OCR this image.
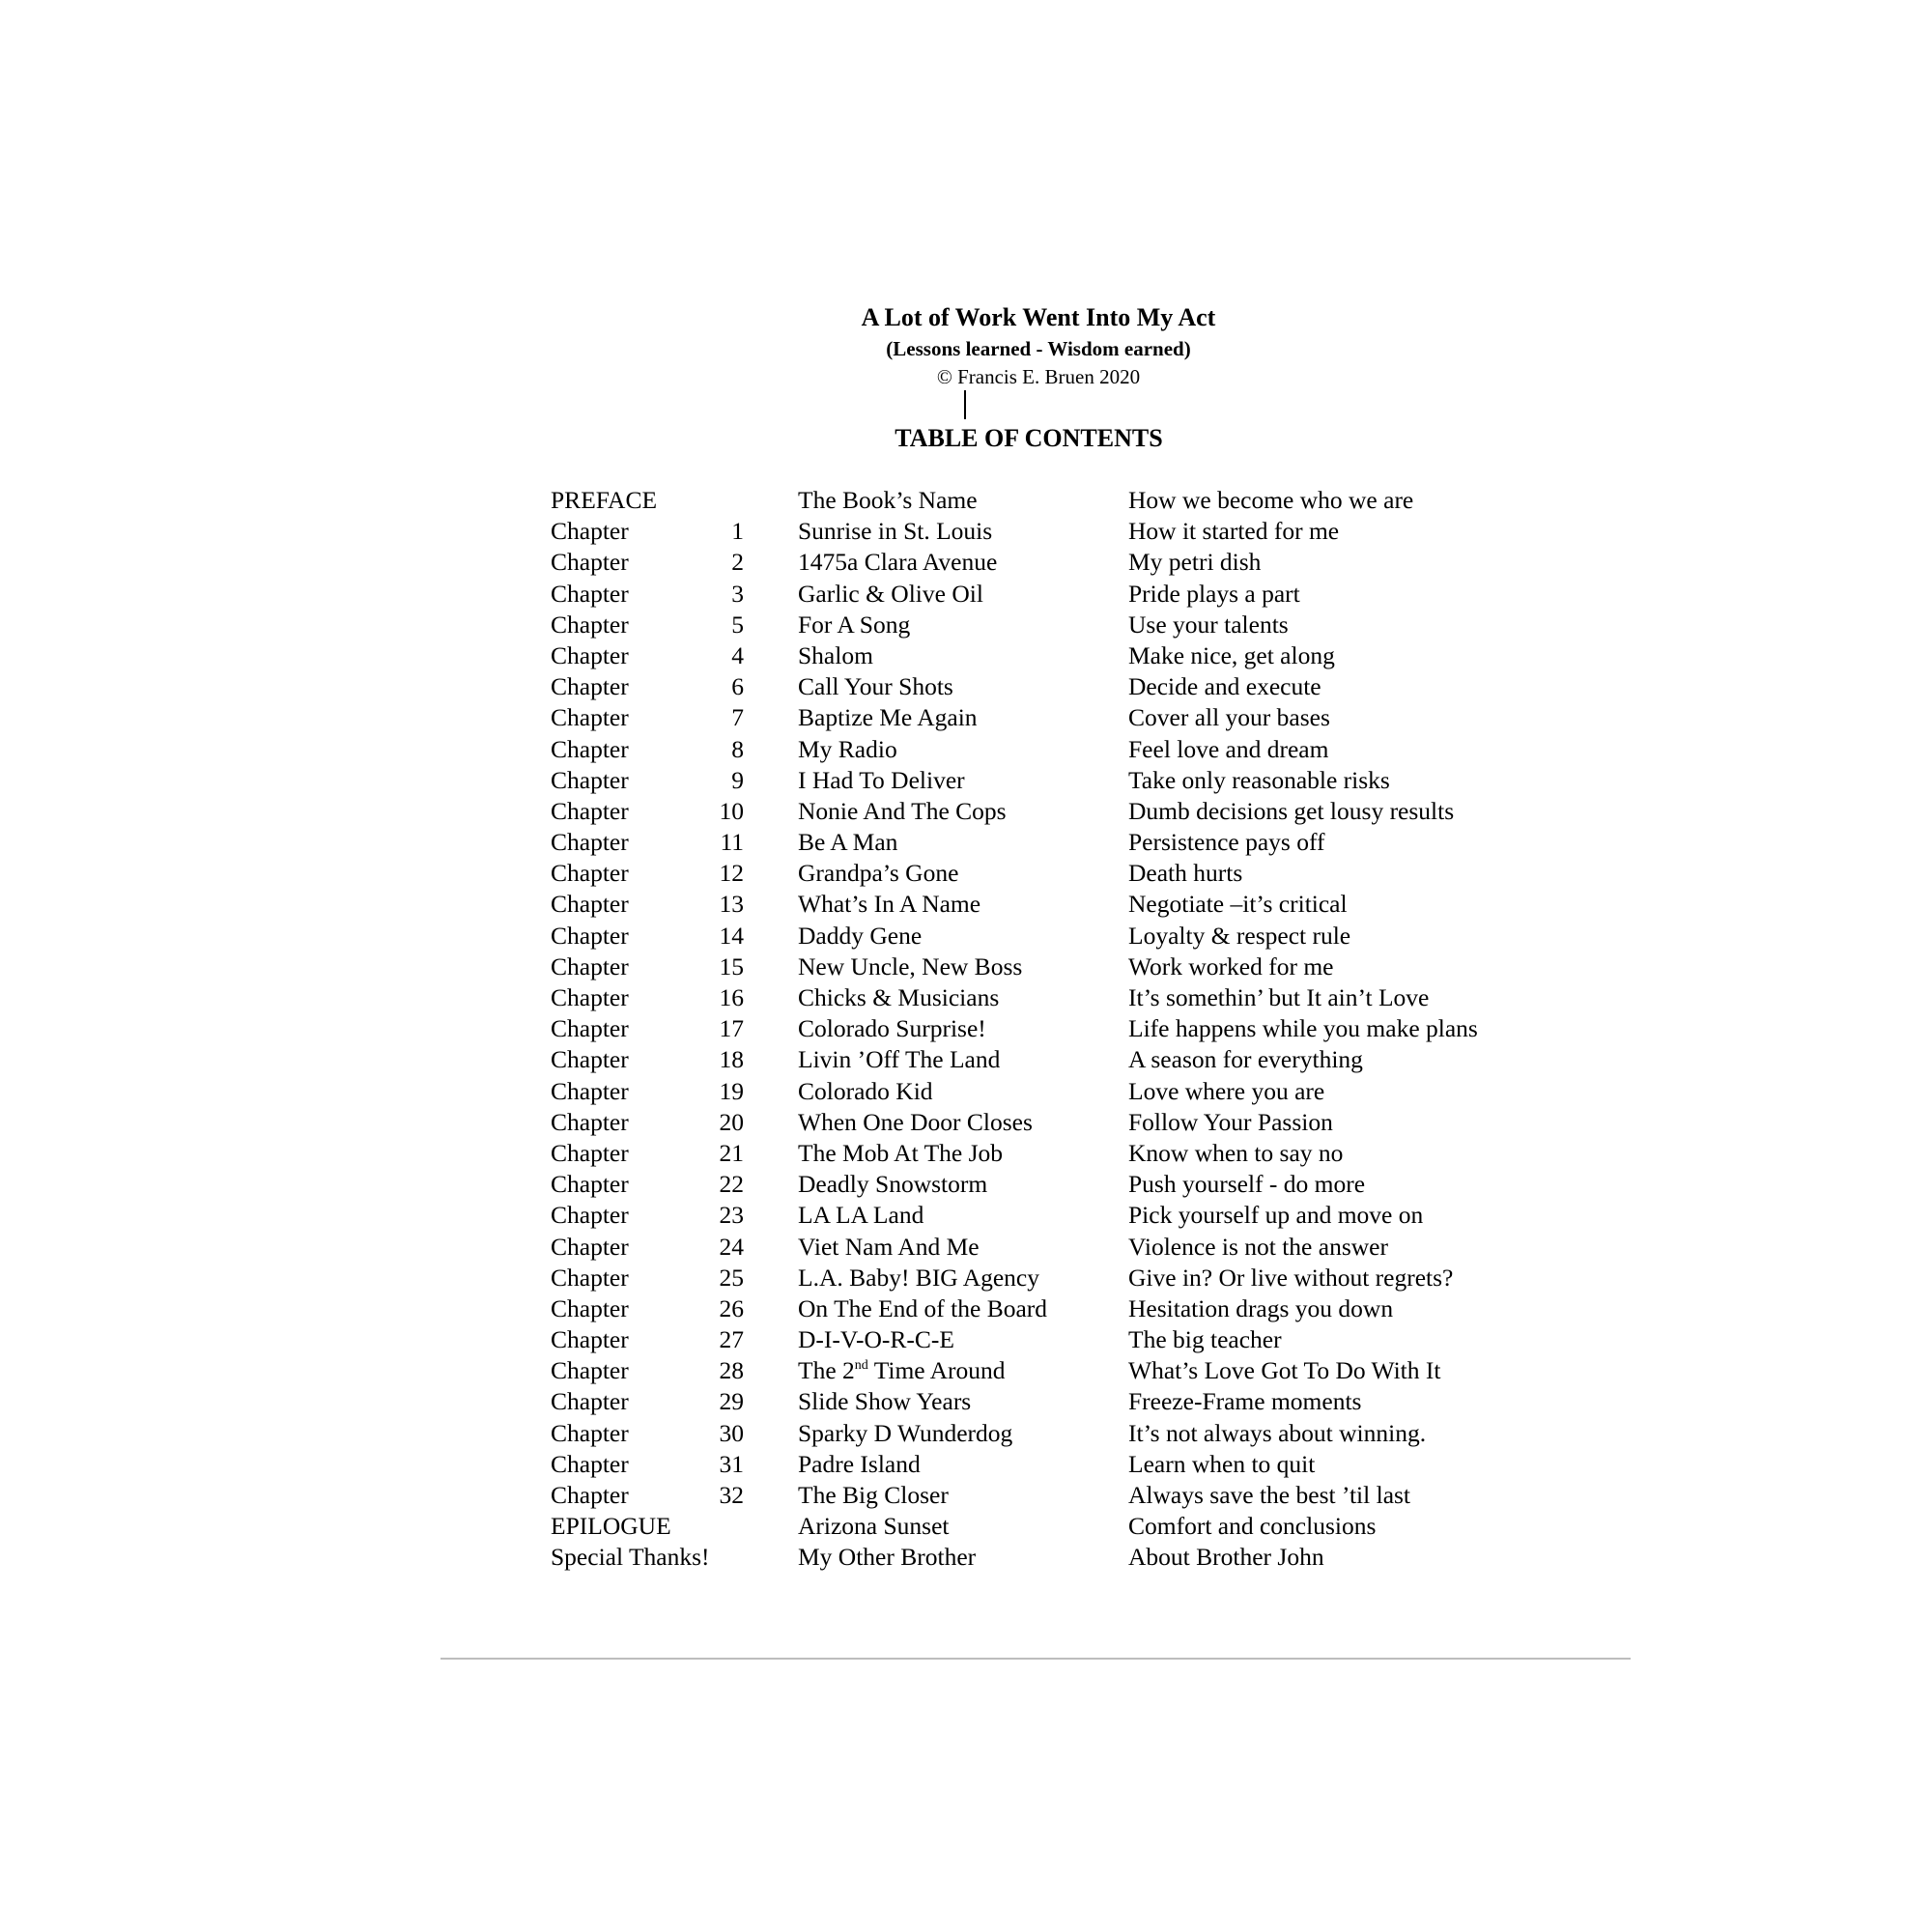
A Lot of Work Went Into My Act
(Lessons learned - Wisdom earned)
© Francis E. Bruen 2020
TABLE OF CONTENTS
PREFACE	The Book’s Name	How we become who we are
Chapter	1 Sunrise in St. Louis	How it started for me
Chapter	2 1475a Clara Avenue	My petri dish
Chapter	3 Garlic & Olive Oil	Pride plays a part
Chapter	5 For A Song	Use your talents
Chapter	4 Shalom	Make nice, get along
Chapter	6 Call Your Shots	Decide and execute
Chapter	7 Baptize Me Again	Cover all your bases
Chapter	8 My Radio	Feel love and dream
Chapter	9 I Had To Deliver	Take only reasonable risks
Chapter	10 Nonie And The Cops	Dumb decisions get lousy results
Chapter	11 Be A Man	Persistence pays off
Chapter	12 Grandpa’s Gone	Death hurts
Chapter	13 What’s In A Name	Negotiate –it’s critical
Chapter	14 Daddy Gene	Loyalty & respect rule
Chapter	15 New Uncle, New Boss	Work worked for me
Chapter	16 Chicks & Musicians	It’s somethin’ but It ain’t Love
Chapter	17 Colorado Surprise!	Life happens while you make plans
Chapter	18 Livin ’Off The Land	A season for everything
Chapter	19 Colorado Kid	Love where you are
Chapter	20 When One Door Closes	Follow Your Passion
Chapter	21 The Mob At The Job	Know when to say no
Chapter	22 Deadly Snowstorm	Push yourself - do more
Chapter	23 LA LA Land	Pick yourself up and move on
Chapter	24 Viet Nam And Me	Violence is not the answer
Chapter	25 L.A. Baby! BIG Agency	Give in? Or live without regrets?
Chapter	26 On The End of the Board	Hesitation drags you down
Chapter	27 D-I-V-O-R-C-E	The big teacher
Chapter	28 The 2nd Time Around	What’s Love Got To Do With It
Chapter	29 Slide Show Years	Freeze-Frame moments
Chapter	30 Sparky D Wunderdog	It’s not always about winning.
Chapter	31 Padre Island	Learn when to quit
Chapter	32 The Big Closer	Always save the best ’til last
EPILOGUE	Arizona Sunset	Comfort and conclusions
Special Thanks!	My Other Brother	About Brother John
